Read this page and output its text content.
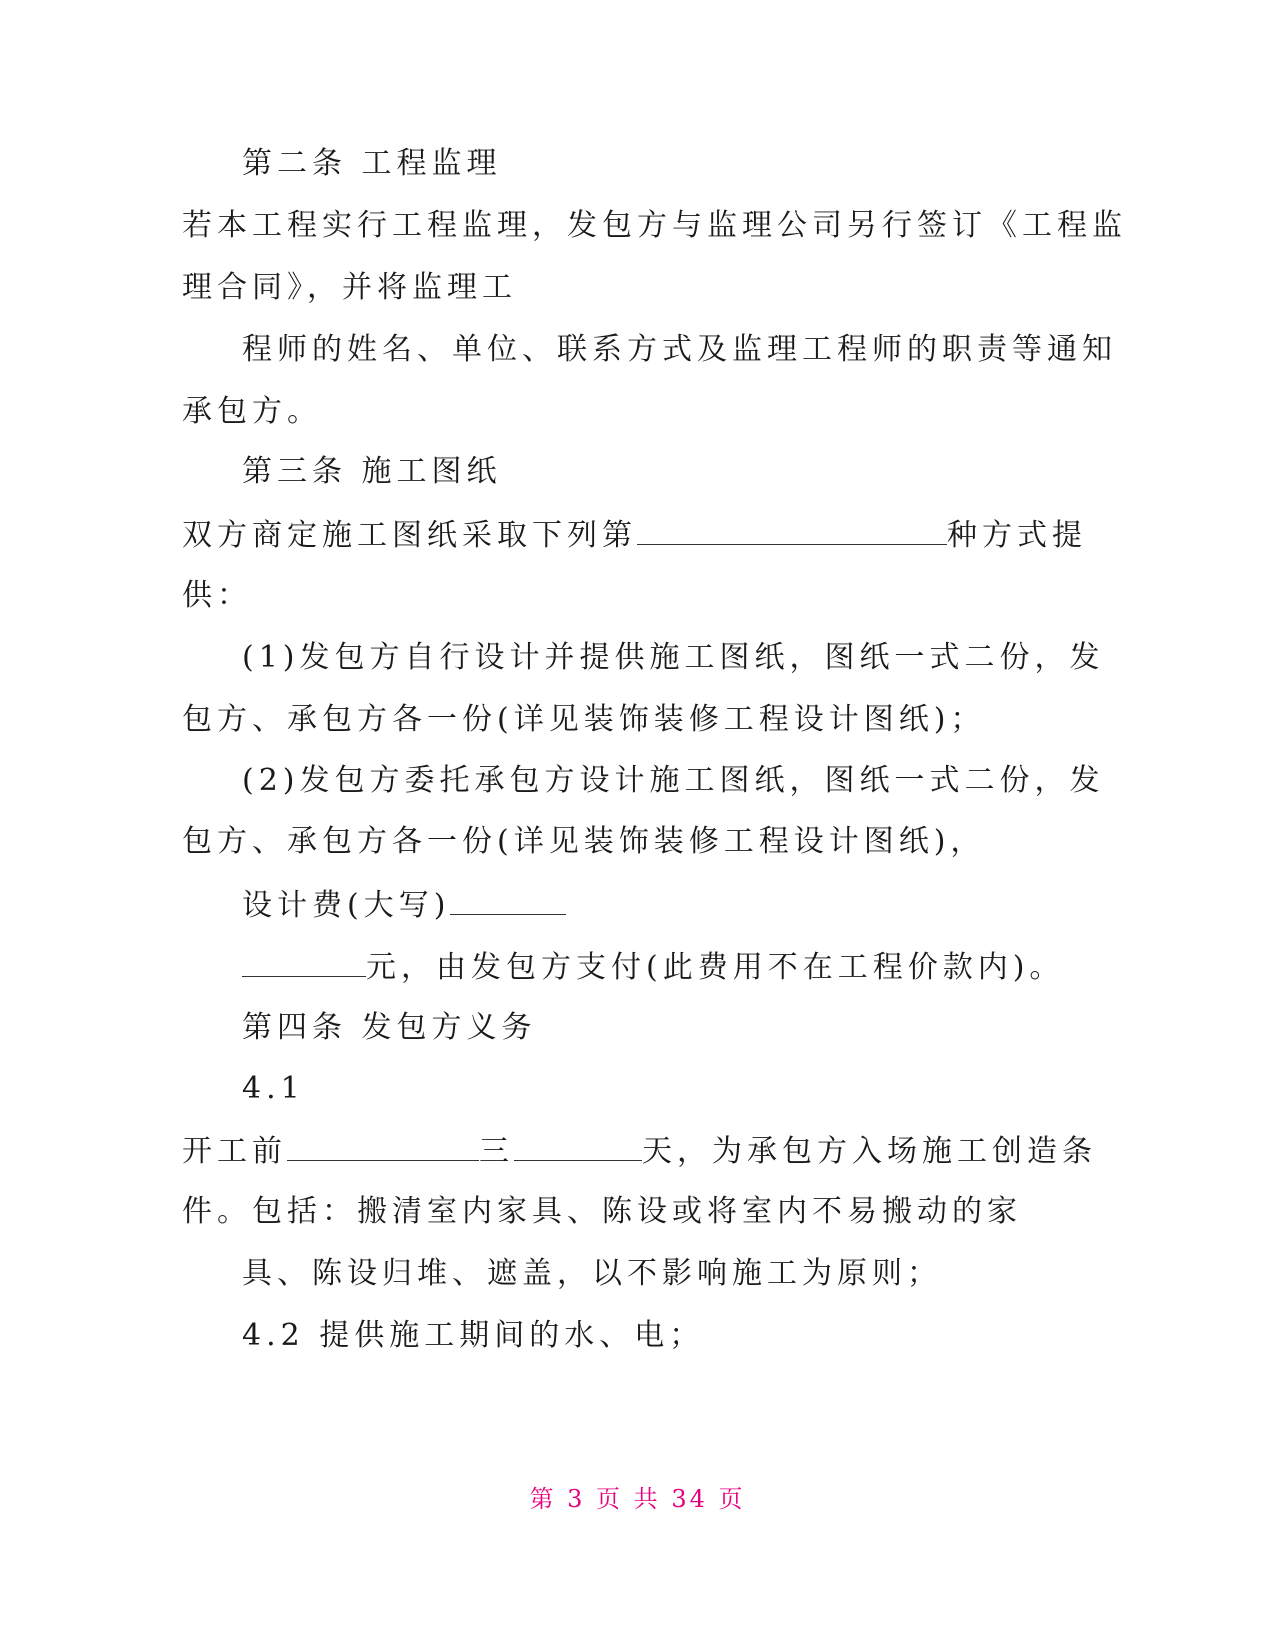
第二条 工程监理
若本工程实行工程监理，发包方与监理公司另行签订《工程监
理合同》，并将监理工
程师的姓名、单位、联系方式及监理工程师的职责等通知
承包方。
第三条 施工图纸
双方商定施工图纸采取下列第	种方式提
供：
(1)发包方自行设计并提供施工图纸，图纸一式二份，发
包方、承包方各一份(详见装饰装修工程设计图纸)；
(2)发包方委托承包方设计施工图纸，图纸一式二份，发
包方、承包方各一份(详见装饰装修工程设计图纸)，
设计费(大写)
元，由发包方支付(此费用不在工程价款内)。
第四条 发包方义务
4.1
开工前	三	天，为承包方入场施工创造条
件。包括：搬清室内家具、陈设或将室内不易搬动的家
具、陈设归堆、遮盖，以不影响施工为原则；
4.2 提供施工期间的水、电；
第 3 页 共 34 页
